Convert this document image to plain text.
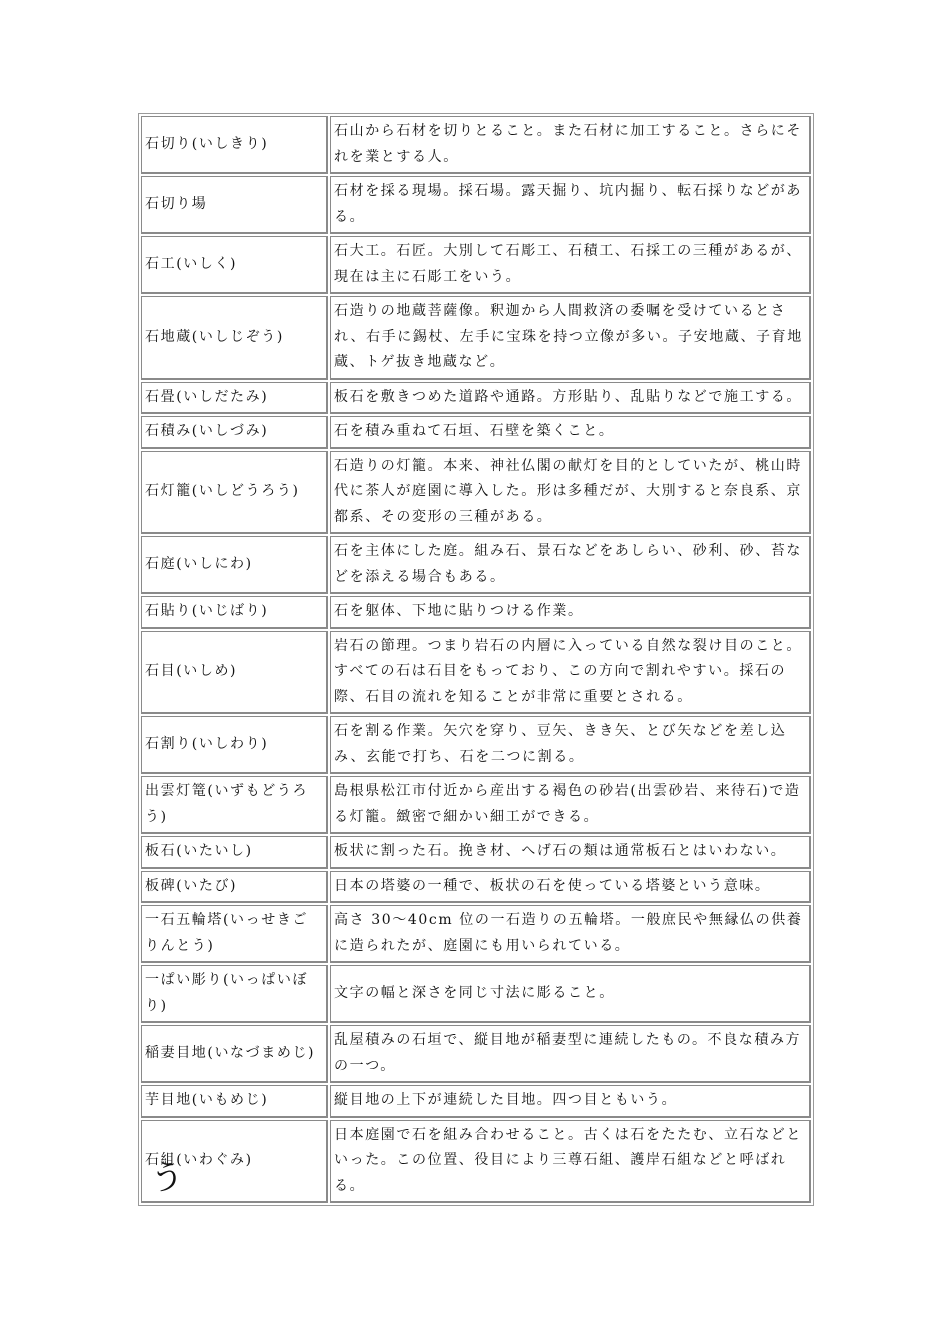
石切り(いしきり)	石山から石材を切りとること。また石材に加工すること。さらにそれを業とする人。
石切り場	石材を採る現場。採石場。露天掘り、坑内掘り、転石採りなどがある。
石工(いしく)	石大工。石匠。大別して石彫工、石積工、石採工の三種があるが、現在は主に石彫工をいう。
石地蔵(いしじぞう)	石造りの地蔵菩薩像。釈迦から人間救済の委嘱を受けているとされ、右手に錫杖、左手に宝珠を持つ立像が多い。子安地蔵、子育地蔵、トゲ抜き地蔵など。
石畳(いしだたみ)	板石を敷きつめた道路や通路。方形貼り、乱貼りなどで施工する。
石積み(いしづみ)	石を積み重ねて石垣、石壁を築くこと。
石灯籠(いしどうろう)	石造りの灯籠。本来、神社仏閣の献灯を目的としていたが、桃山時代に茶人が庭園に導入した。形は多種だが、大別すると奈良系、京都系、その変形の三種がある。
石庭(いしにわ)	石を主体にした庭。組み石、景石などをあしらい、砂利、砂、苔などを添える場合もある。
石貼り(いじばり)	石を躯体、下地に貼りつける作業。
石目(いしめ)	岩石の節理。つまり岩石の内層に入っている自然な裂け目のこと。すべての石は石目をもっており、この方向で割れやすい。採石の際、石目の流れを知ることが非常に重要とされる。
石割り(いしわり)	石を割る作業。矢穴を穿り、豆矢、きき矢、とび矢などを差し込み、玄能で打ち、石を二つに割る。
出雲灯篭(いずもどうろう)	島根県松江市付近から産出する褐色の砂岩(出雲砂岩、来待石)で造る灯籠。緻密で細かい細工ができる。
板石(いたいし)	板状に割った石。挽き材、へげ石の類は通常板石とはいわない。
板碑(いたび)	日本の塔婆の一種で、板状の石を使っている塔婆という意味。
一石五輪塔(いっせきごりんとう)	高さ 30～40cm 位の一石造りの五輪塔。一般庶民や無縁仏の供養に造られたが、庭園にも用いられている。
一ぱい彫り(いっぱいぼり)	文字の幅と深さを同じ寸法に彫ること。
稲妻目地(いなづまめじ)	乱屋積みの石垣で、縦目地が稲妻型に連続したもの。不良な積み方の一つ。
芋目地(いもめじ)	縦目地の上下が連続した目地。四つ目ともいう。
石組(いわぐみ)	日本庭園で石を組み合わせること。古くは石をたたむ、立石などといった。この位置、役目により三尊石組、護岸石組などと呼ばれる。
う
